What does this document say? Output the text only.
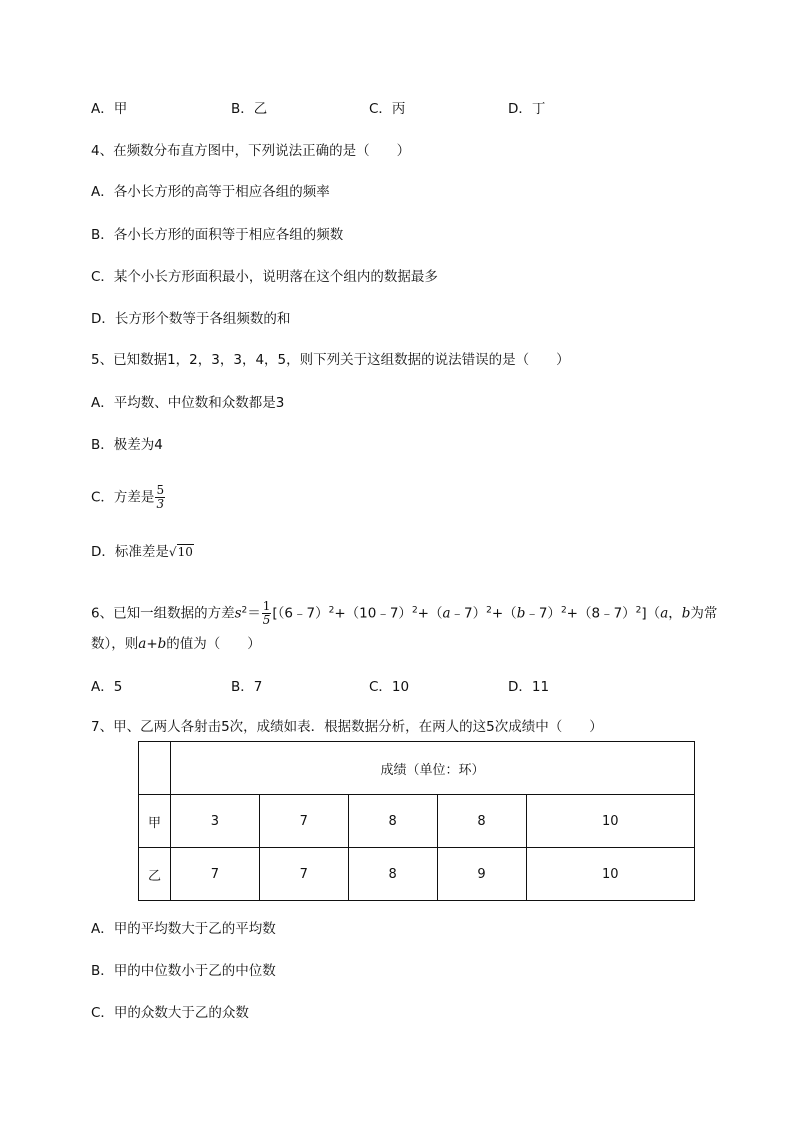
A．甲	B．乙	C．丙	D．丁
4、在频数分布直方图中，下列说法正确的是（　　）
A．各小长方形的高等于相应各组的频率
B．各小长方形的面积等于相应各组的频数
C．某个小长方形面积最小，说明落在这个组内的数据最多
D．长方形个数等于各组频数的和
5、已知数据1，2，3，3，4，5，则下列关于这组数据的说法错误的是（　　）
A．平均数、中位数和众数都是3
B．极差为4
C．方差是 $\frac{5}{3}$
D．标准差是√10
6、已知一组数据的方差$s^2= \frac{1}{5}$ [（6﹣7）$^2$+（10﹣7）$^2$+（a﹣7）$^2$+（b﹣7）$^2$+（8﹣7）$^2$]（a，b为常
数），则a+b的值为（　　）
A．5	B．7	C．10	D．11
7、甲、乙两人各射击5次，成绩如表．根据数据分析，在两人的这5次成绩中（　　）
	成绩（单位：环）				
甲	3	7	8	8	10
乙	7	7	8	9	10
A．甲的平均数大于乙的平均数
B．甲的中位数小于乙的中位数
C．甲的众数大于乙的众数
